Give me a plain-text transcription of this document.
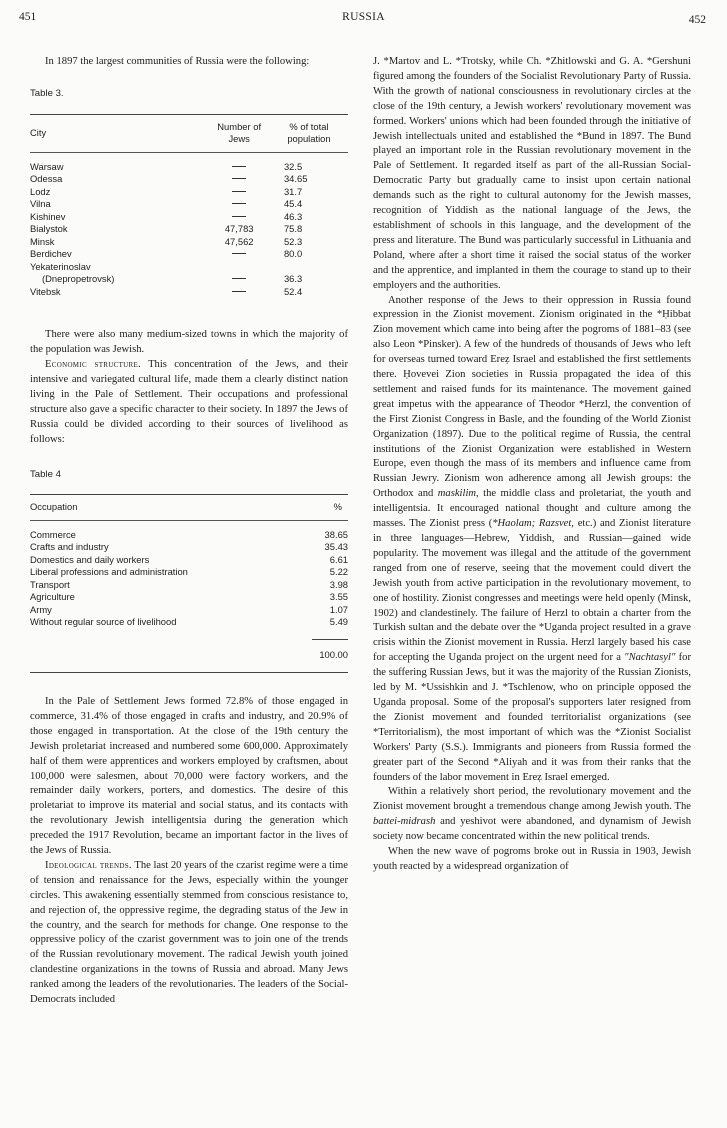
451	RUSSIA	452

In 1897 the largest communities of Russia were the following:

Table 3.
City	Number of Jews	% of total population
Warsaw		32.5
Odessa		34.65
Lodz		31.7
Vilna		45.4
Kishinev		46.3
Bialystok	47,783	75.8
Minsk	47,562	52.3
Berdichev		80.0

Yekaterinoslav
(Dnepropetrovsk)		36.3
Vitebsk		52.4

There were also many medium-sized towns in which the majority of the population was Jewish.

Economic structure. This concentration of the Jews, and their intensive and variegated cultural life, made them a clearly distinct nation living in the Pale of Settlement. Their occupations and professional structure also gave a specific character to their society. In 1897 the Jews of Russia could be divided according to their sources of livelihood as follows:

Table 4
Occupation	%
Commerce	38.65
Crafts and industry	35.43
Domestics and daily workers	6.61
Liberal professions and administration	5.22
Transport	3.98
Agriculture	3.55
Army	1.07
Without regular source of livelihood	5.49

100.00

In the Pale of Settlement Jews formed 72.8% of those engaged in commerce, 31.4% of those engaged in crafts and industry, and 20.9% of those engaged in transportation. At the close of the 19th century the Jewish proletariat increased and numbered some 600,000. Approximately half of them were apprentices and workers employed by craftsmen, about 100,000 were salesmen, about 70,000 were factory workers, and the remainder daily workers, porters, and domestics. The desire of this proletariat to improve its material and social status, and its contacts with the revolutionary Jewish intelligentsia during the generation which preceded the 1917 Revolution, became an important factor in the lives of the Jews of Russia.

Ideological trends. The last 20 years of the czarist regime were a time of tension and renaissance for the Jews, especially within the younger circles. This awakening essentially stemmed from conscious resistance to, and rejection of, the oppressive regime, the degrading status of the Jew in the country, and the search for methods for change. One response to the oppressive policy of the czarist government was to join one of the trends of the Russian revolutionary movement. The radical Jewish youth joined clandestine organizations in the towns of Russia and abroad. Many Jews ranked among the leaders of the revolutionaries. The leaders of the Social-Democrats included

J. *Martov and L. *Trotsky, while Ch. *Zhitlowski and G. A. *Gershuni figured among the founders of the Socialist Revolutionary Party of Russia. With the growth of national consciousness in revolutionary circles at the close of the 19th century, a Jewish workers' revolutionary movement was formed. Workers' unions which had been founded through the initiative of Jewish intellectuals united and established the *Bund in 1897. The Bund played an important role in the Russian revolutionary movement in the Pale of Settlement. It regarded itself as part of the all-Russian Social-Democratic Party but gradually came to insist upon certain national demands such as the right to cultural autonomy for the Jewish masses, recognition of Yiddish as the national language of the Jews, the establishment of schools in this language, and the development of the press and literature. The Bund was particularly successful in Lithuania and Poland, where after a short time it raised the social status of the worker and the apprentice, and implanted in them the courage to stand up to their employers and the authorities.

Another response of the Jews to their oppression in Russia found expression in the Zionist movement. Zionism originated in the *Ḥibbat Zion movement which came into being after the pogroms of 1881–83 (see also Leon *Pinsker). A few of the hundreds of thousands of Jews who left for overseas turned toward Ereẓ Israel and established the first settlements there. Ḥovevei Zion societies in Russia propagated the idea of this settlement and raised funds for its maintenance. The movement gained great impetus with the appearance of Theodor *Herzl, the convention of the First Zionist Congress in Basle, and the founding of the World Zionist Organization (1897). Due to the political regime of Russia, the central institutions of the Zionist Organization were established in Western Europe, even though the mass of its members and influence came from Russian Jewry. Zionism won adherence among all Jewish groups: the Orthodox and maskilim, the middle class and proletariat, the youth and intelligentsia. It encouraged national thought and culture among the masses. The Zionist press (*Haolam; Razsvet, etc.) and Zionist literature in three languages—Hebrew, Yiddish, and Russian—gained wide popularity. The movement was illegal and the attitude of the government ranged from one of reserve, seeing that the movement could divert the Jewish youth from active participation in the revolutionary movement, to one of hostility. Zionist congresses and meetings were held openly (Minsk, 1902) and clandestinely. The failure of Herzl to obtain a charter from the Turkish sultan and the debate over the *Uganda project resulted in a grave crisis within the Zionist movement in Russia. Herzl largely based his case for accepting the Uganda project on the urgent need for a "Nachtasyl" for the suffering Russian Jews, but it was the majority of the Russian Zionists, led by M. *Ussishkin and J. *Tschlenow, who on principle opposed the Uganda proposal. Some of the proposal's supporters later resigned from the Zionist movement and founded territorialist organizations (see *Territorialism), the most important of which was the *Zionist Socialist Workers' Party (S.S.). Immigrants and pioneers from Russia formed the greater part of the Second *Aliyah and it was from their ranks that the founders of the labor movement in Ereẓ Israel emerged.

Within a relatively short period, the revolutionary movement and the Zionist movement brought a tremendous change among Jewish youth. The battei-midrash and yeshivot were abandoned, and dynamism of Jewish society now became concentrated within the new political trends.

When the new wave of pogroms broke out in Russia in 1903, Jewish youth reacted by a widespread organization of
